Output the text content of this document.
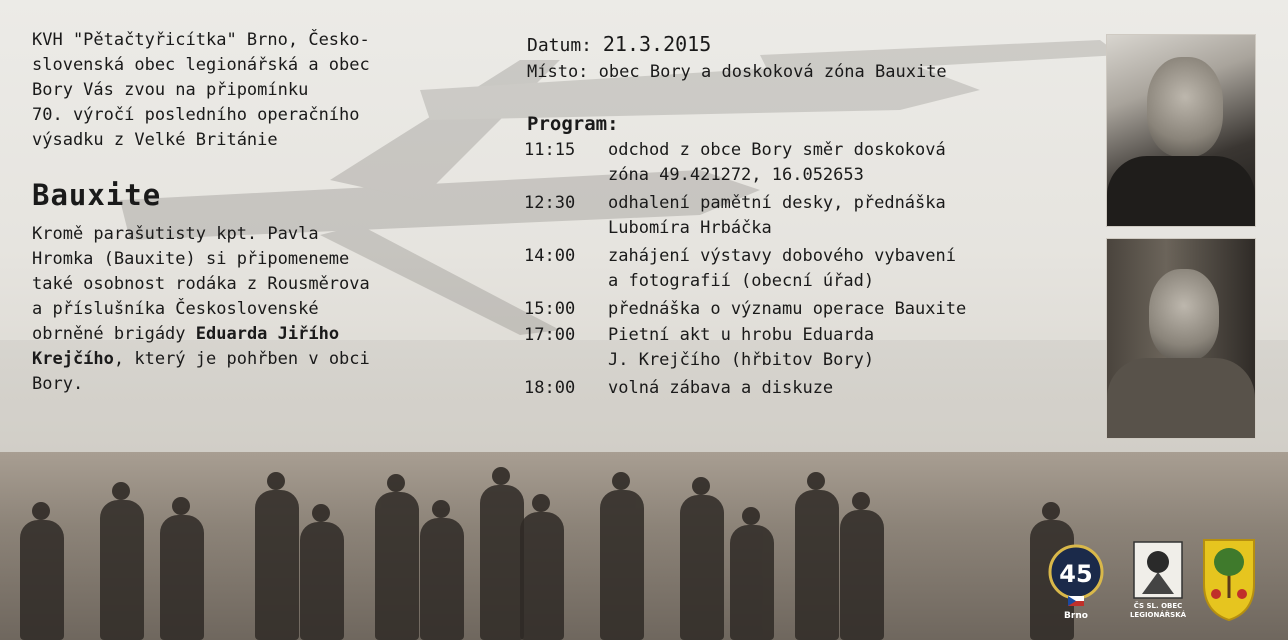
KVH "Pětačtyřicítka" Brno, Česko-
slovenská obec legionářská a obec
Bory Vás zvou na připomínku
70. výročí posledního operačního
výsadku z Velké Británie
Bauxite
Kromě parašutisty kpt. Pavla
Hromka (Bauxite) si připomeneme
také osobnost rodáka z Rousměrova
a příslušníka Československé
obrněné brigády Eduarda Jiřího
Krejčího, který je pohřben v obci
Bory.
Datum: 21.3.2015
Místo: obec Bory a doskoková zóna Bauxite
Program:
11:15	odchod z obce Bory směr doskoková
zóna 49.421272, 16.052653
12:30	odhalení pamětní desky, přednáška
Lubomíra Hrbáčka
14:00	zahájení výstavy dobového vybavení
a fotografií (obecní úřad)
15:00	přednáška o významu operace Bauxite
17:00	Pietní akt u hrobu Eduarda
J. Krejčího (hřbitov Bory)
18:00	volná zábava a diskuze
45
Brno
ČS SL. OBEC
LEGIONÁŘSKÁ
